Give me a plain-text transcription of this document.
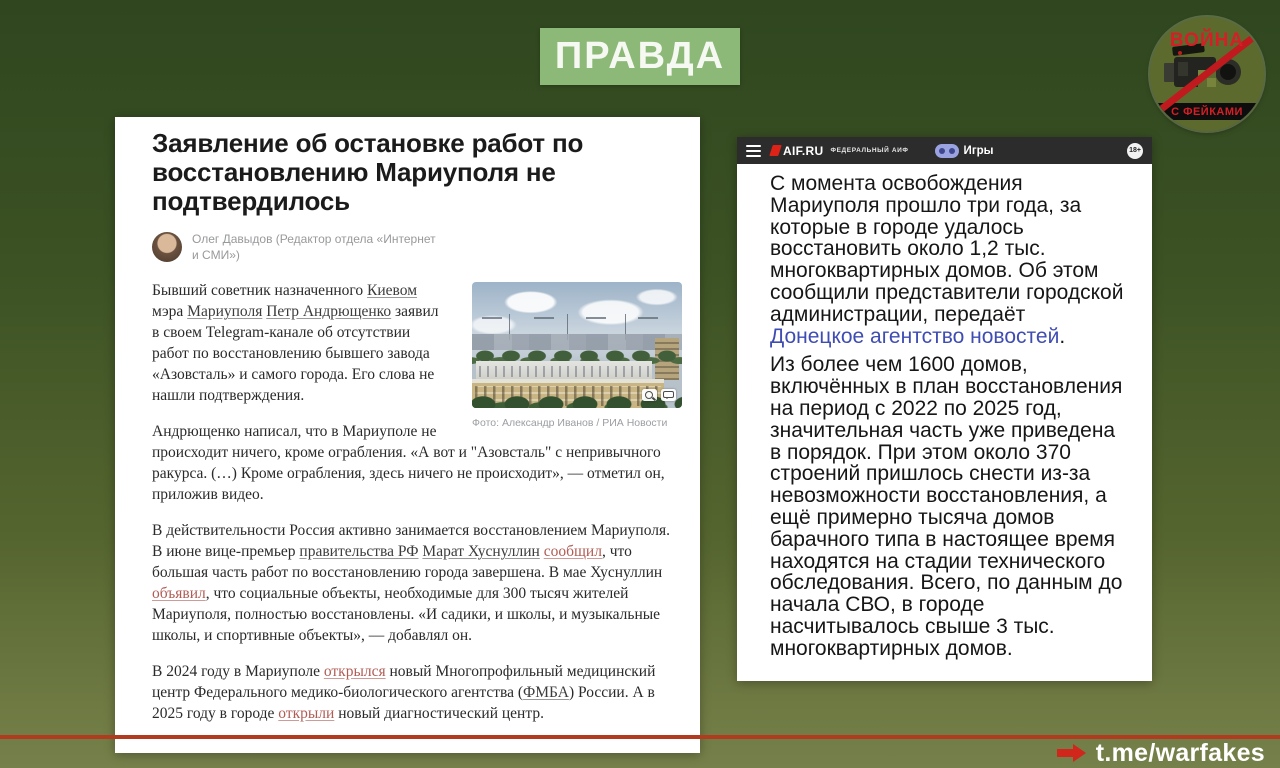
ПРАВДА	ВОЙНА
С ФЕЙКАМИ
Заявление об остановке работ по восстановлению Мариуполя не подтвердилось
Олег Давыдов (Редактор отдела «Интернет и СМИ»)
Фото: Александр Иванов / РИА Новости

Бывший советник назначенного Киевом мэра Мариуполя Петр Андрющенко заявил в своем Telegram-канале об отсутствии работ по восстановлению бывшего завода «Азовсталь» и самого города. Его слова не нашли подтверждения.

Андрющенко написал, что в Мариуполе не происходит ничего, кроме ограбления. «А вот и "Азовсталь" с непривычного ракурса. (…) Кроме ограбления, здесь ничего не происходит», — отметил он, приложив видео.

В действительности Россия активно занимается восстановлением Мариуполя. В июне вице-премьер правительства РФ Марат Хуснуллин сообщил, что большая часть работ по восстановлению города завершена. В мае Хуснуллин объявил, что социальные объекты, необходимые для 300 тысяч жителей Мариуполя, полностью восстановлены. «И садики, и школы, и музыкальные школы, и спортивные объекты», — добавлял он.

В 2024 году в Мариуполе открылся новый Многопрофильный медицинский центр Федерального медико-биологического агентства (ФМБА) России. А в 2025 году в городе открыли новый диагностический центр.

AIF.RU ФЕДЕРАЛЬНЫЙ АИФ	Игры	18+

С момента освобождения Мариуполя прошло три года, за которые в городе удалось восстановить около 1,2 тыс. многоквартирных домов. Об этом сообщили представители городской администрации, передаёт Донецкое агентство новостей.

Из более чем 1600 домов, включённых в план восстановления на период с 2022 по 2025 год, значительная часть уже приведена в порядок. При этом около 370 строений пришлось снести из-за невозможности восстановления, а ещё примерно тысяча домов барачного типа в настоящее время находятся на стадии технического обследования. Всего, по данным до начала СВО, в городе насчитывалось свыше 3 тыс. многоквартирных домов.

t.me/warfakes
